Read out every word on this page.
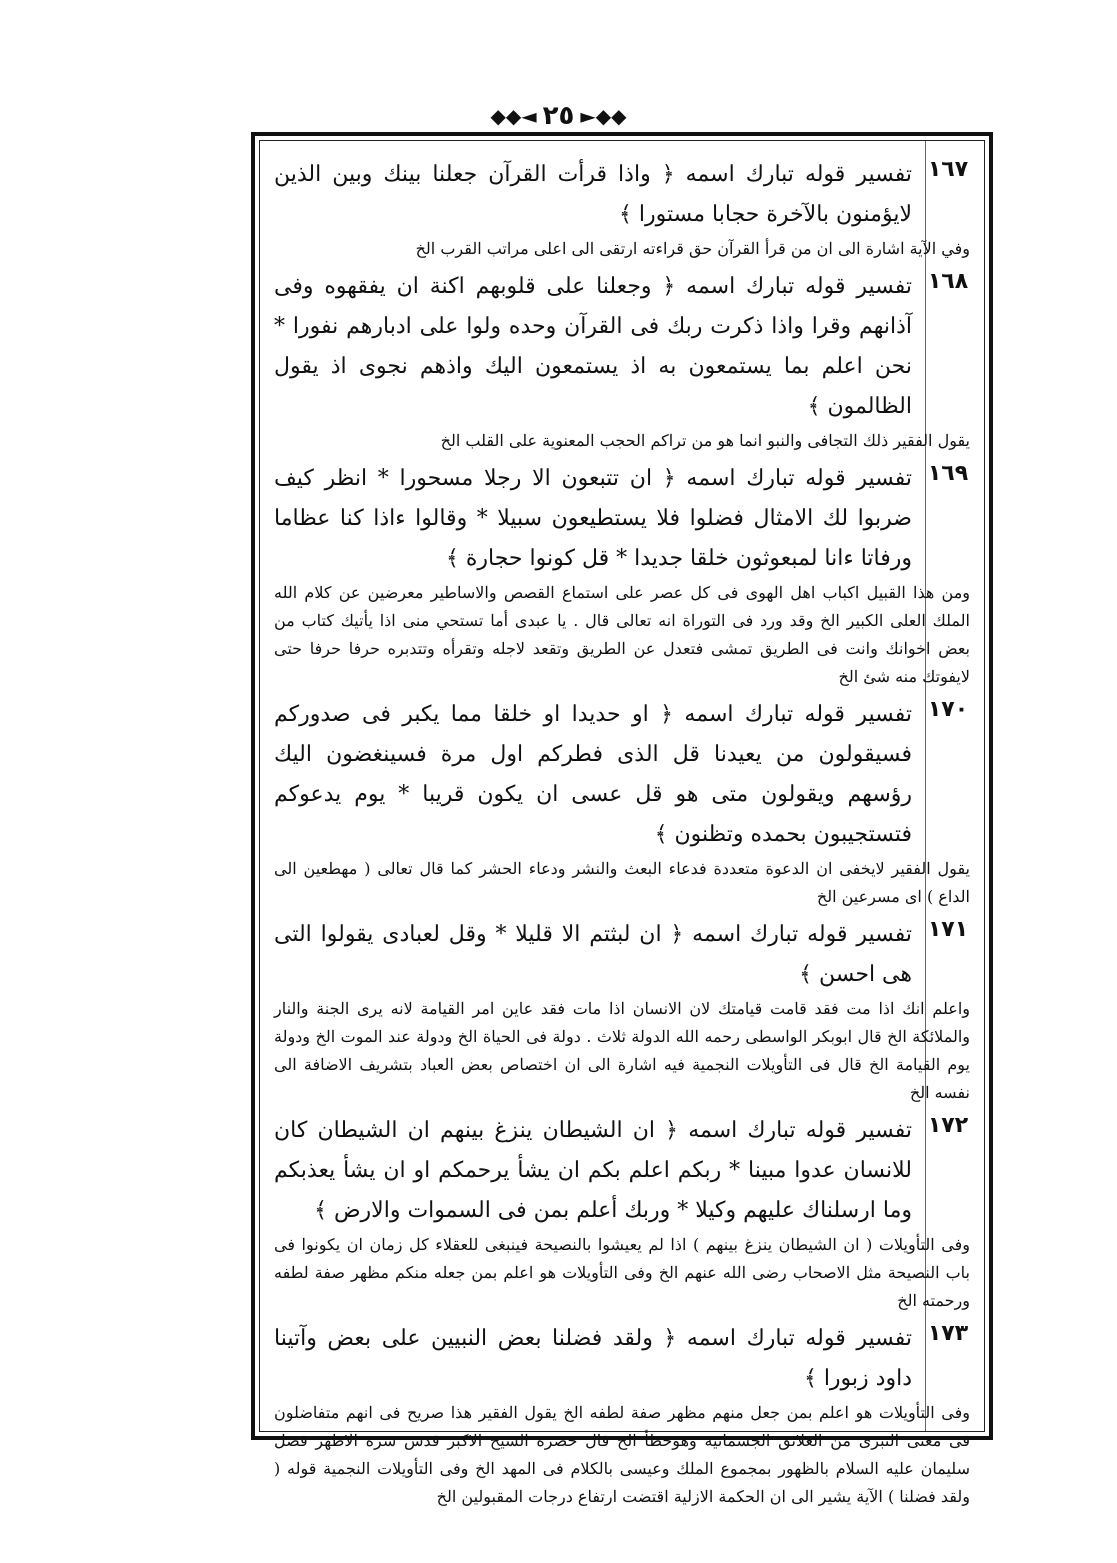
◆◆►
٢٥
◄◆◆
١٦٧
تفسير قوله تبارك اسمه ﴿ واذا قرأت القرآن جعلنا بينك وبين الذين لايؤمنون بالآخرة حجابا مستورا ﴾
وفي الآية اشارة الى ان من قرأ القرآن حق قراءته ارتقى الى اعلى مراتب القرب الخ
١٦٨
تفسير قوله تبارك اسمه ﴿ وجعلنا على قلوبهم اكنة ان يفقهوه وفى آذانهم وقرا واذا ذكرت ربك فى القرآن وحده ولوا على ادبارهم نفورا * نحن اعلم بما يستمعون به اذ يستمعون اليك واذهم نجوى اذ يقول الظالمون ﴾
يقول الفقير ذلك التجافى والنبو انما هو من تراكم الحجب المعنوية على القلب الخ
١٦٩
تفسير قوله تبارك اسمه ﴿ ان تتبعون الا رجلا مسحورا * انظر كيف ضربوا لك الامثال فضلوا فلا يستطيعون سبيلا * وقالوا ءاذا كنا عظاما ورفاتا ءانا لمبعوثون خلقا جديدا * قل كونوا حجارة ﴾
ومن هذا القبيل اكباب اهل الهوى فى كل عصر على استماع القصص والاساطير معرضين عن كلام الله الملك العلى الكبير الخ وقد ورد فى التوراة انه تعالى قال . يا عبدى أما تستحي منى اذا يأتيك كتاب من بعض اخوانك وانت فى الطريق تمشى فتعدل عن الطريق وتقعد لاجله وتقرأه وتتدبره حرفا حرفا حتى لايفوتك منه شئ الخ
١٧٠
تفسير قوله تبارك اسمه ﴿ او حديدا او خلقا مما يكبر فى صدوركم فسيقولون من يعيدنا قل الذى فطركم اول مرة فسينغضون اليك رؤسهم ويقولون متى هو قل عسى ان يكون قريبا * يوم يدعوكم فتستجيبون بحمده وتظنون ﴾
يقول الفقير لايخفى ان الدعوة متعددة فدعاء البعث والنشر ودعاء الحشر كما قال تعالى ( مهطعين الى الداع ) اى مسرعين الخ
١٧١
تفسير قوله تبارك اسمه ﴿ ان لبثتم الا قليلا * وقل لعبادى يقولوا التى هى احسن ﴾
واعلم انك اذا مت فقد قامت قيامتك لان الانسان اذا مات فقد عاين امر القيامة لانه يرى الجنة والنار والملائكة الخ قال ابوبكر الواسطى رحمه الله الدولة ثلاث . دولة فى الحياة الخ ودولة عند الموت الخ ودولة يوم القيامة الخ قال فى التأويلات النجمية فيه اشارة الى ان اختصاص بعض العباد بتشريف الاضافة الى نفسه الخ
١٧٢
تفسير قوله تبارك اسمه ﴿ ان الشيطان ينزغ بينهم ان الشيطان كان للانسان عدوا مبينا * ربكم اعلم بكم ان يشأ يرحمكم او ان يشأ يعذبكم وما ارسلناك عليهم وكيلا * وربك أعلم بمن فى السموات والارض ﴾
وفى التأويلات ( ان الشيطان ينزغ بينهم ) اذا لم يعيشوا بالنصيحة فينبغى للعقلاء كل زمان ان يكونوا فى باب النصيحة مثل الاصحاب رضى الله عنهم الخ وفى التأويلات هو اعلم بمن جعله منكم مظهر صفة لطفه ورحمته الخ
١٧٣
تفسير قوله تبارك اسمه ﴿ ولقد فضلنا بعض النبيين على بعض وآتينا داود زبورا ﴾
وفى التأويلات هو اعلم بمن جعل منهم مظهر صفة لطفه الخ يقول الفقير هذا صريح فى انهم متفاضلون فى معنى التبرى من العلائق الجسمانية وهوخطأ الخ قال حضرة الشيخ الاكبر قدس سره الاطهر فضل سليمان عليه السلام بالظهور بمجموع الملك وعيسى بالكلام فى المهد الخ وفى التأويلات النجمية قوله ( ولقد فضلنا ) الآية يشير الى ان الحكمة الازلية اقتضت ارتفاع درجات المقبولين الخ
